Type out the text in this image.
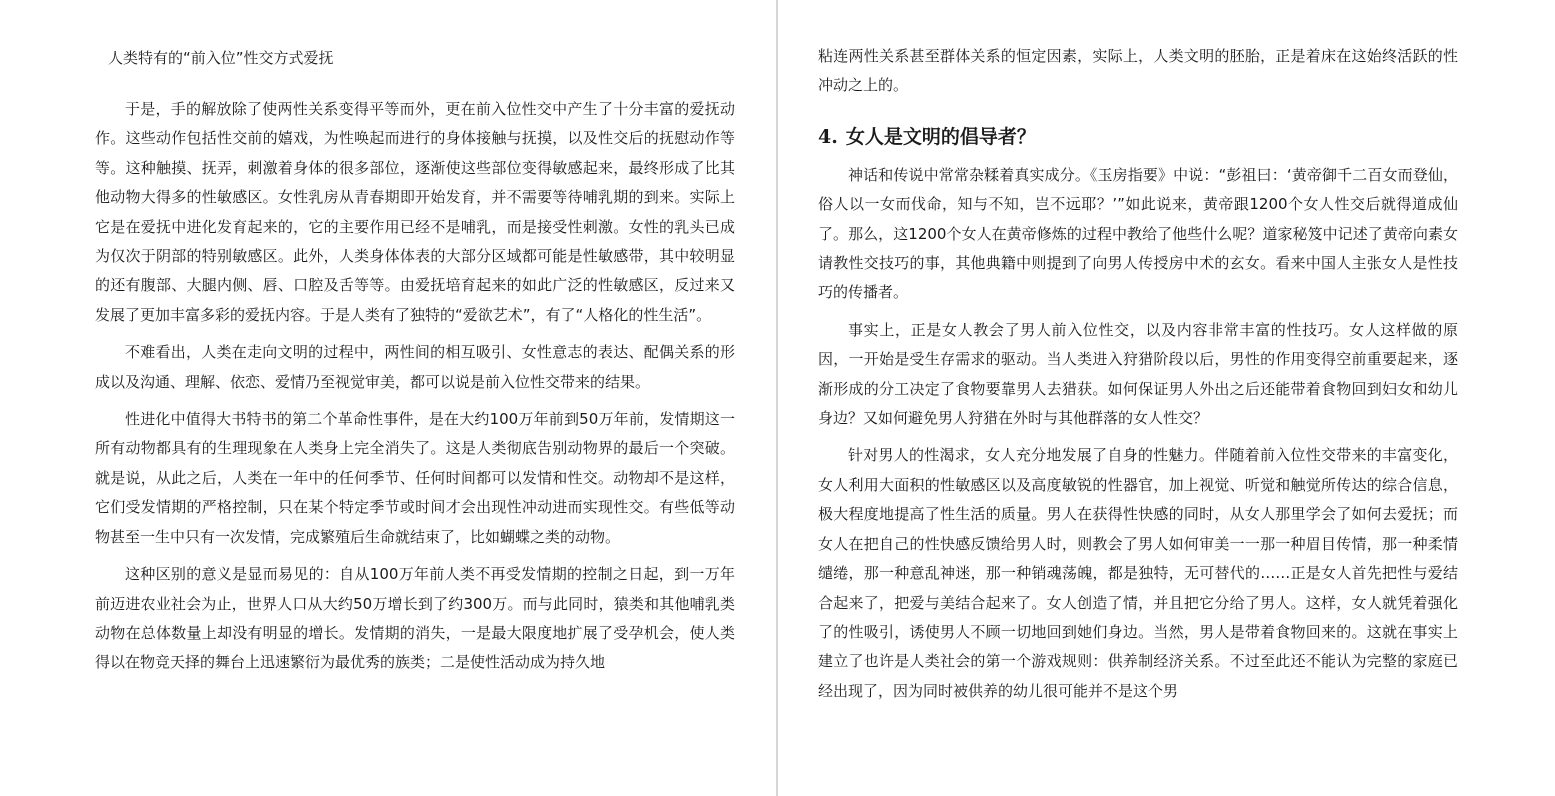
人类特有的“前入位”性交方式爱抚

于是，手的解放除了使两性关系变得平等而外，更在前入位性交中产生了十分丰富的爱抚动作。这些动作包括性交前的嬉戏，为性唤起而进行的身体接触与抚摸，以及性交后的抚慰动作等等。这种触摸、抚弄，刺激着身体的很多部位，逐渐使这些部位变得敏感起来，最终形成了比其他动物大得多的性敏感区。女性乳房从青春期即开始发育，并不需要等待哺乳期的到来。实际上它是在爱抚中进化发育起来的，它的主要作用已经不是哺乳，而是接受性刺激。女性的乳头已成为仅次于阴部的特别敏感区。此外，人类身体体表的大部分区域都可能是性敏感带，其中较明显的还有腹部、大腿内侧、唇、口腔及舌等等。由爱抚培育起来的如此广泛的性敏感区，反过来又发展了更加丰富多彩的爱抚内容。于是人类有了独特的“爱欲艺术”，有了“人格化的性生活”。

不难看出，人类在走向文明的过程中，两性间的相互吸引、女性意志的表达、配偶关系的形成以及沟通、理解、依恋、爱情乃至视觉审美，都可以说是前入位性交带来的结果。

性进化中值得大书特书的第二个革命性事件，是在大约100万年前到50万年前，发情期这一所有动物都具有的生理现象在人类身上完全消失了。这是人类彻底告别动物界的最后一个突破。就是说，从此之后，人类在一年中的任何季节、任何时间都可以发情和性交。动物却不是这样，它们受发情期的严格控制，只在某个特定季节或时间才会出现性冲动进而实现性交。有些低等动物甚至一生中只有一次发情，完成繁殖后生命就结束了，比如蝴蝶之类的动物。

这种区别的意义是显而易见的：自从100万年前人类不再受发情期的控制之日起，到一万年前迈进农业社会为止，世界人口从大约50万增长到了约300万。而与此同时，猿类和其他哺乳类动物在总体数量上却没有明显的增长。发情期的消失，一是最大限度地扩展了受孕机会，使人类得以在物竞天择的舞台上迅速繁衍为最优秀的族类；二是使性活动成为持久地

粘连两性关系甚至群体关系的恒定因素，实际上，人类文明的胚胎，正是着床在这始终活跃的性冲动之上的。

4. 女人是文明的倡导者？

神话和传说中常常杂糅着真实成分。《玉房指要》中说：“彭祖曰：‘黄帝御千二百女而登仙，俗人以一女而伐命，知与不知，岂不远耶？’”如此说来，黄帝跟1200个女人性交后就得道成仙了。那么，这1200个女人在黄帝修炼的过程中教给了他些什么呢？道家秘笈中记述了黄帝向素女请教性交技巧的事，其他典籍中则提到了向男人传授房中术的玄女。看来中国人主张女人是性技巧的传播者。

事实上，正是女人教会了男人前入位性交，以及内容非常丰富的性技巧。女人这样做的原因，一开始是受生存需求的驱动。当人类进入狩猎阶段以后，男性的作用变得空前重要起来，逐渐形成的分工决定了食物要靠男人去猎获。如何保证男人外出之后还能带着食物回到妇女和幼儿身边？又如何避免男人狩猎在外时与其他群落的女人性交？

针对男人的性渴求，女人充分地发展了自身的性魅力。伴随着前入位性交带来的丰富变化，女人利用大面积的性敏感区以及高度敏锐的性器官，加上视觉、听觉和触觉所传达的综合信息，极大程度地提高了性生活的质量。男人在获得性快感的同时，从女人那里学会了如何去爱抚；而女人在把自己的性快感反馈给男人时，则教会了男人如何审美一一那一种眉目传情，那一种柔情缱绻，那一种意乱神迷，那一种销魂荡魄，都是独特，无可替代的……正是女人首先把性与爱结合起来了，把爱与美结合起来了。女人创造了情，并且把它分给了男人。这样，女人就凭着强化了的性吸引，诱使男人不顾一切地回到她们身边。当然，男人是带着食物回来的。这就在事实上建立了也许是人类社会的第一个游戏规则：供养制经济关系。不过至此还不能认为完整的家庭已经出现了，因为同时被供养的幼儿很可能并不是这个男
